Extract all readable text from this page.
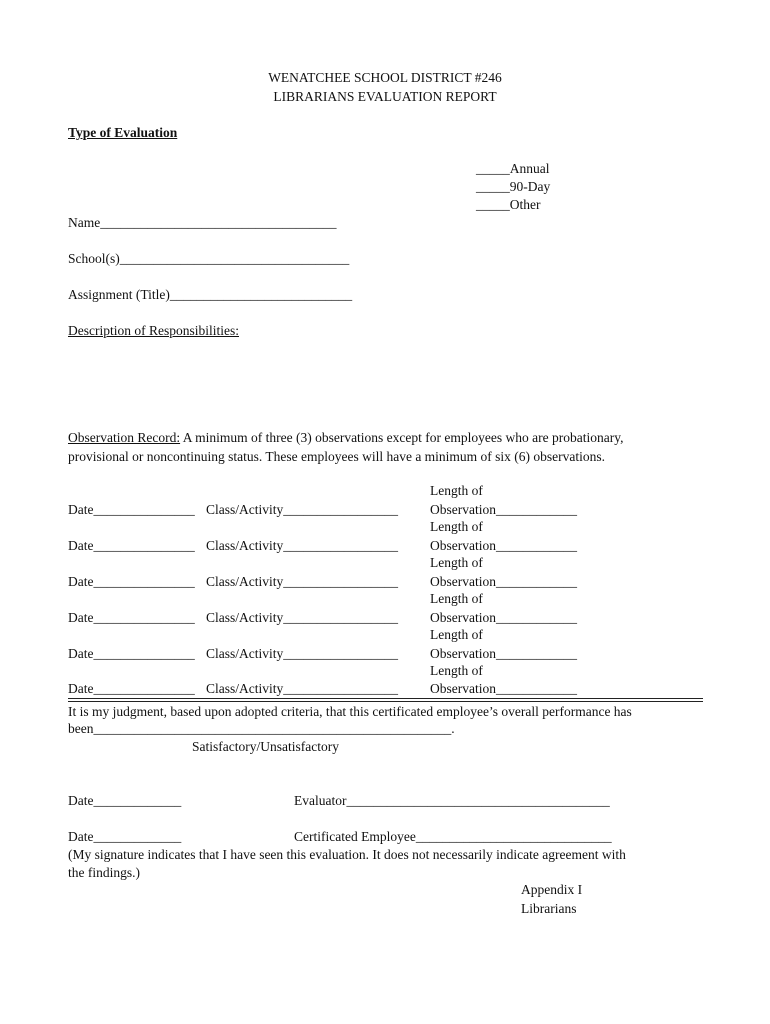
WENATCHEE SCHOOL DISTRICT #246
LIBRARIANS EVALUATION REPORT
Type of Evaluation
_____Annual
_____90-Day
_____Other
Name___________________________________
School(s)__________________________________
Assignment (Title)___________________________
Description of Responsibilities:
Observation Record: A minimum of three (3) observations except for employees who are probationary,
provisional or noncontinuing status. These employees will have a minimum of six (6) observations.
Length of
Date_______________ Class/Activity_________________ Observation____________
Length of
Date_______________ Class/Activity_________________ Observation____________
Length of
Date_______________ Class/Activity_________________ Observation____________
Length of
Date_______________ Class/Activity_________________ Observation____________
Length of
Date_______________ Class/Activity_________________ Observation____________
Length of
Date_______________ Class/Activity_________________ Observation____________
It is my judgment, based upon adopted criteria, that this certificated employee’s overall performance has
been_____________________________________________________.
Satisfactory/Unsatisfactory
Date_____________	Evaluator_______________________________________
Date_____________	Certificated Employee_____________________________
(My signature indicates that I have seen this evaluation. It does not necessarily indicate agreement with
the findings.)
Appendix I
Librarians
